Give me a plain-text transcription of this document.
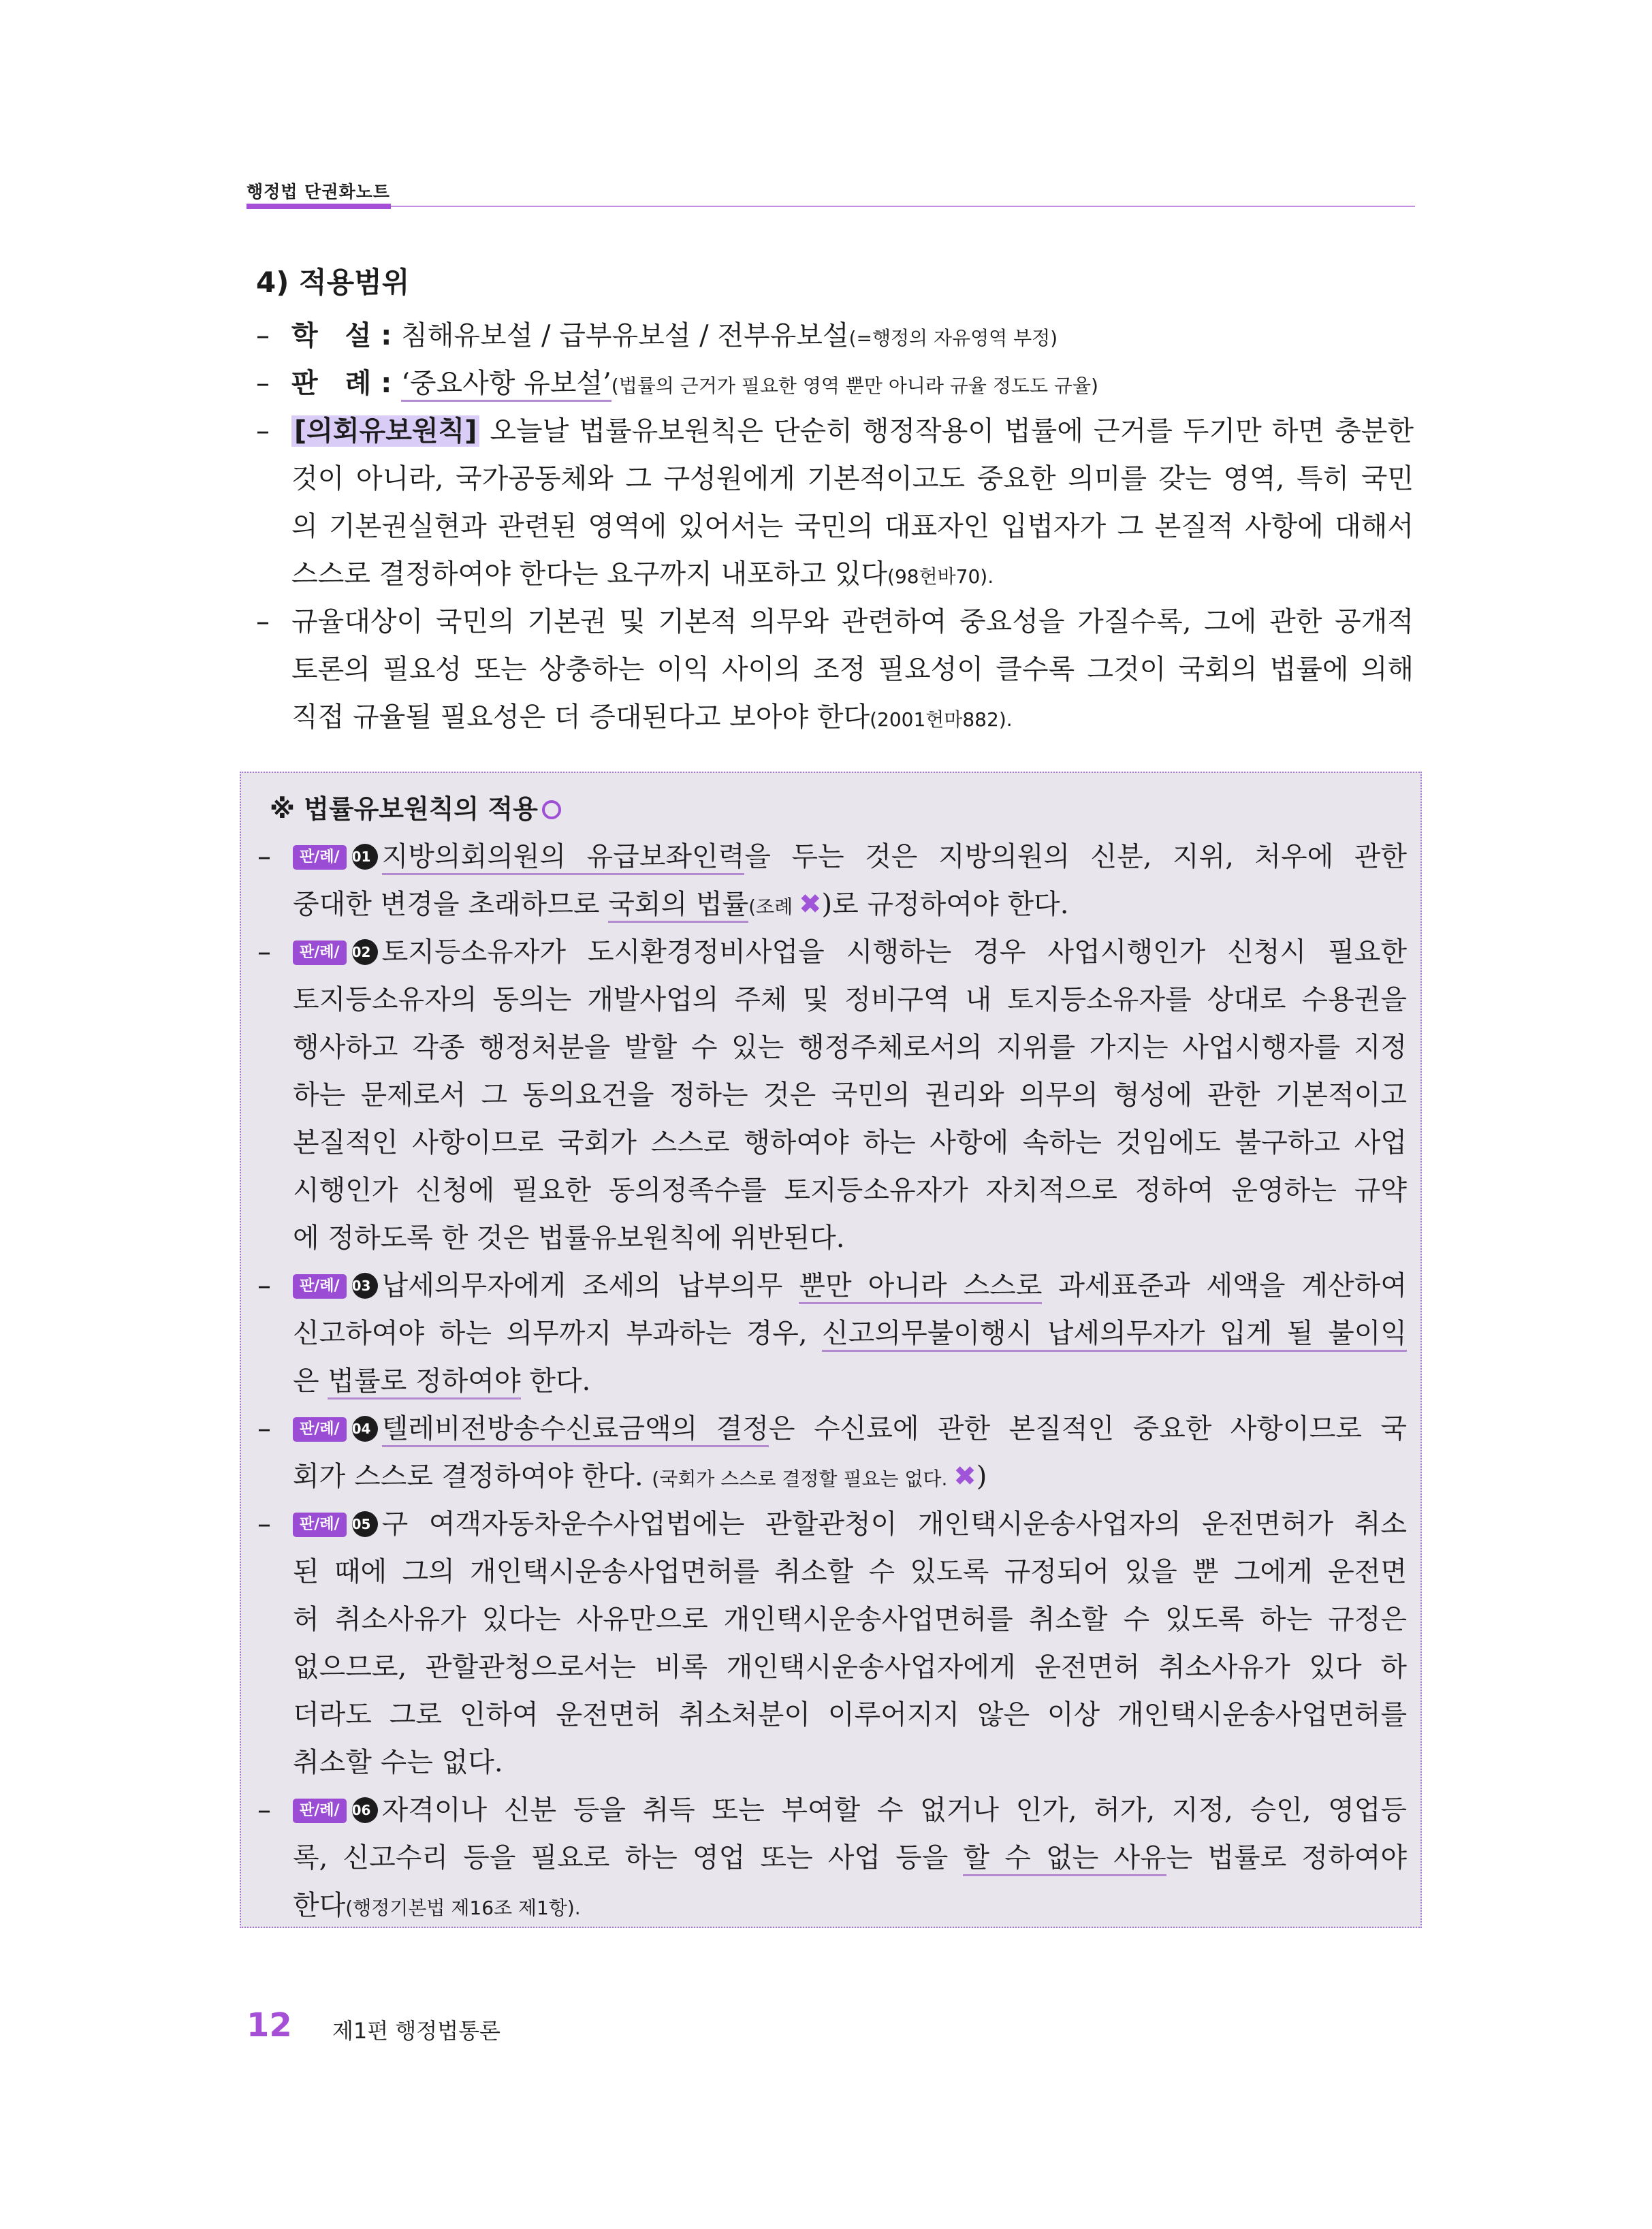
행정법 단권화노트
4) 적용범위
– 학　설 : 침해유보설 / 급부유보설 / 전부유보설(=행정의 자유영역 부정)
– 판　례 : ‘중요사항 유보설’(법률의 근거가 필요한 영역 뿐만 아니라 규율 정도도 규율)
– [의회유보원칙] 오늘날 법률유보원칙은 단순히 행정작용이 법률에 근거를 두기만 하면 충분한
것이 아니라, 국가공동체와 그 구성원에게 기본적이고도 중요한 의미를 갖는 영역, 특히 국민
의 기본권실현과 관련된 영역에 있어서는 국민의 대표자인 입법자가 그 본질적 사항에 대해서
스스로 결정하여야 한다는 요구까지 내포하고 있다(98헌바70).
– 규율대상이 국민의 기본권 및 기본적 의무와 관련하여 중요성을 가질수록, 그에 관한 공개적
토론의 필요성 또는 상충하는 이익 사이의 조정 필요성이 클수록 그것이 국회의 법률에 의해
직접 규율될 필요성은 더 증대된다고 보아야 한다(2001헌마882).
※ 법률유보원칙의 적용
–	판/례/ 01 지방의회의원의 유급보좌인력을 두는 것은 지방의원의 신분, 지위, 처우에 관한
중대한 변경을 초래하므로 국회의 법률(조례 ✖)로 규정하여야 한다.
–	판/례/ 02 토지등소유자가 도시환경정비사업을 시행하는 경우 사업시행인가 신청시 필요한
토지등소유자의 동의는 개발사업의 주체 및 정비구역 내 토지등소유자를 상대로 수용권을
행사하고 각종 행정처분을 발할 수 있는 행정주체로서의 지위를 가지는 사업시행자를 지정
하는 문제로서 그 동의요건을 정하는 것은 국민의 권리와 의무의 형성에 관한 기본적이고
본질적인 사항이므로 국회가 스스로 행하여야 하는 사항에 속하는 것임에도 불구하고 사업
시행인가 신청에 필요한 동의정족수를 토지등소유자가 자치적으로 정하여 운영하는 규약
에 정하도록 한 것은 법률유보원칙에 위반된다.
–	판/례/ 03 납세의무자에게 조세의 납부의무 뿐만 아니라 스스로 과세표준과 세액을 계산하여
신고하여야 하는 의무까지 부과하는 경우, 신고의무불이행시 납세의무자가 입게 될 불이익
은 법률로 정하여야 한다.
–	판/례/ 04 텔레비전방송수신료금액의 결정은 수신료에 관한 본질적인 중요한 사항이므로 국
회가 스스로 결정하여야 한다. (국회가 스스로 결정할 필요는 없다. ✖)
–	판/례/ 05 구 여객자동차운수사업법에는 관할관청이 개인택시운송사업자의 운전면허가 취소
된 때에 그의 개인택시운송사업면허를 취소할 수 있도록 규정되어 있을 뿐 그에게 운전면
허 취소사유가 있다는 사유만으로 개인택시운송사업면허를 취소할 수 있도록 하는 규정은
없으므로, 관할관청으로서는 비록 개인택시운송사업자에게 운전면허 취소사유가 있다 하
더라도 그로 인하여 운전면허 취소처분이 이루어지지 않은 이상 개인택시운송사업면허를
취소할 수는 없다.
–	판/례/ 06 자격이나 신분 등을 취득 또는 부여할 수 없거나 인가, 허가, 지정, 승인, 영업등
록, 신고수리 등을 필요로 하는 영업 또는 사업 등을 할 수 없는 사유는 법률로 정하여야
한다(행정기본법 제16조 제1항).
12 제1편 행정법통론
